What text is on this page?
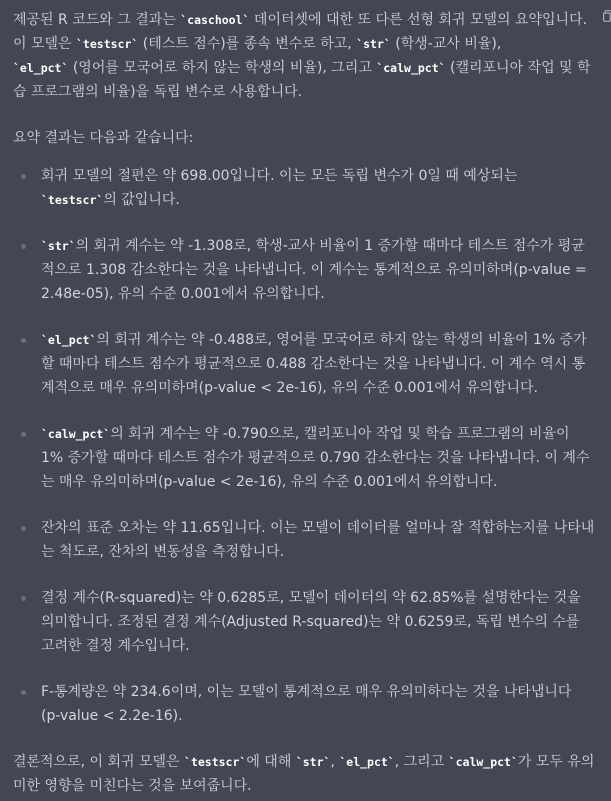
제공된 R 코드와 그 결과는 `caschool` 데이터셋에 대한 또 다른 선형 회귀 모델의 요약입니다. 이 모델은 `testscr` (테스트 점수)를 종속 변수로 하고, `str` (학생-교사 비율),
`el_pct` (영어를 모국어로 하지 않는 학생의 비율), 그리고 `calw_pct` (캘리포니아 작업 및 학습 프로그램의 비율)을 독립 변수로 사용합니다.

요약 결과는 다음과 같습니다:

회귀 모델의 절편은 약 698.00입니다. 이는 모든 독립 변수가 0일 때 예상되는
`testscr`의 값입니다.
`str`의 회귀 계수는 약 -1.308로, 학생-교사 비율이 1 증가할 때마다 테스트 점수가 평균적으로 1.308 감소한다는 것을 나타냅니다. 이 계수는 통계적으로 유의미하며(p-value = 2.48e-05), 유의 수준 0.001에서 유의합니다.
`el_pct`의 회귀 계수는 약 -0.488로, 영어를 모국어로 하지 않는 학생의 비율이 1% 증가할 때마다 테스트 점수가 평균적으로 0.488 감소한다는 것을 나타냅니다. 이 계수 역시 통계적으로 매우 유의미하며(p-value < 2e-16), 유의 수준 0.001에서 유의합니다.
`calw_pct`의 회귀 계수는 약 -0.790으로, 캘리포니아 작업 및 학습 프로그램의 비율이 1% 증가할 때마다 테스트 점수가 평균적으로 0.790 감소한다는 것을 나타냅니다. 이 계수는 매우 유의미하며(p-value < 2e-16), 유의 수준 0.001에서 유의합니다.
잔차의 표준 오차는 약 11.65입니다. 이는 모델이 데이터를 얼마나 잘 적합하는지를 나타내는 척도로, 잔차의 변동성을 측정합니다.
결정 계수(R-squared)는 약 0.6285로, 모델이 데이터의 약 62.85%를 설명한다는 것을 의미합니다. 조정된 결정 계수(Adjusted R-squared)는 약 0.6259로, 독립 변수의 수를 고려한 결정 계수입니다.
F-통계량은 약 234.6이며, 이는 모델이 통계적으로 매우 유의미하다는 것을 나타냅니다 (p-value < 2.2e-16).

결론적으로, 이 회귀 모델은 `testscr`에 대해 `str`, `el_pct`, 그리고 `calw_pct`가 모두 유의미한 영향을 미친다는 것을 보여줍니다.
